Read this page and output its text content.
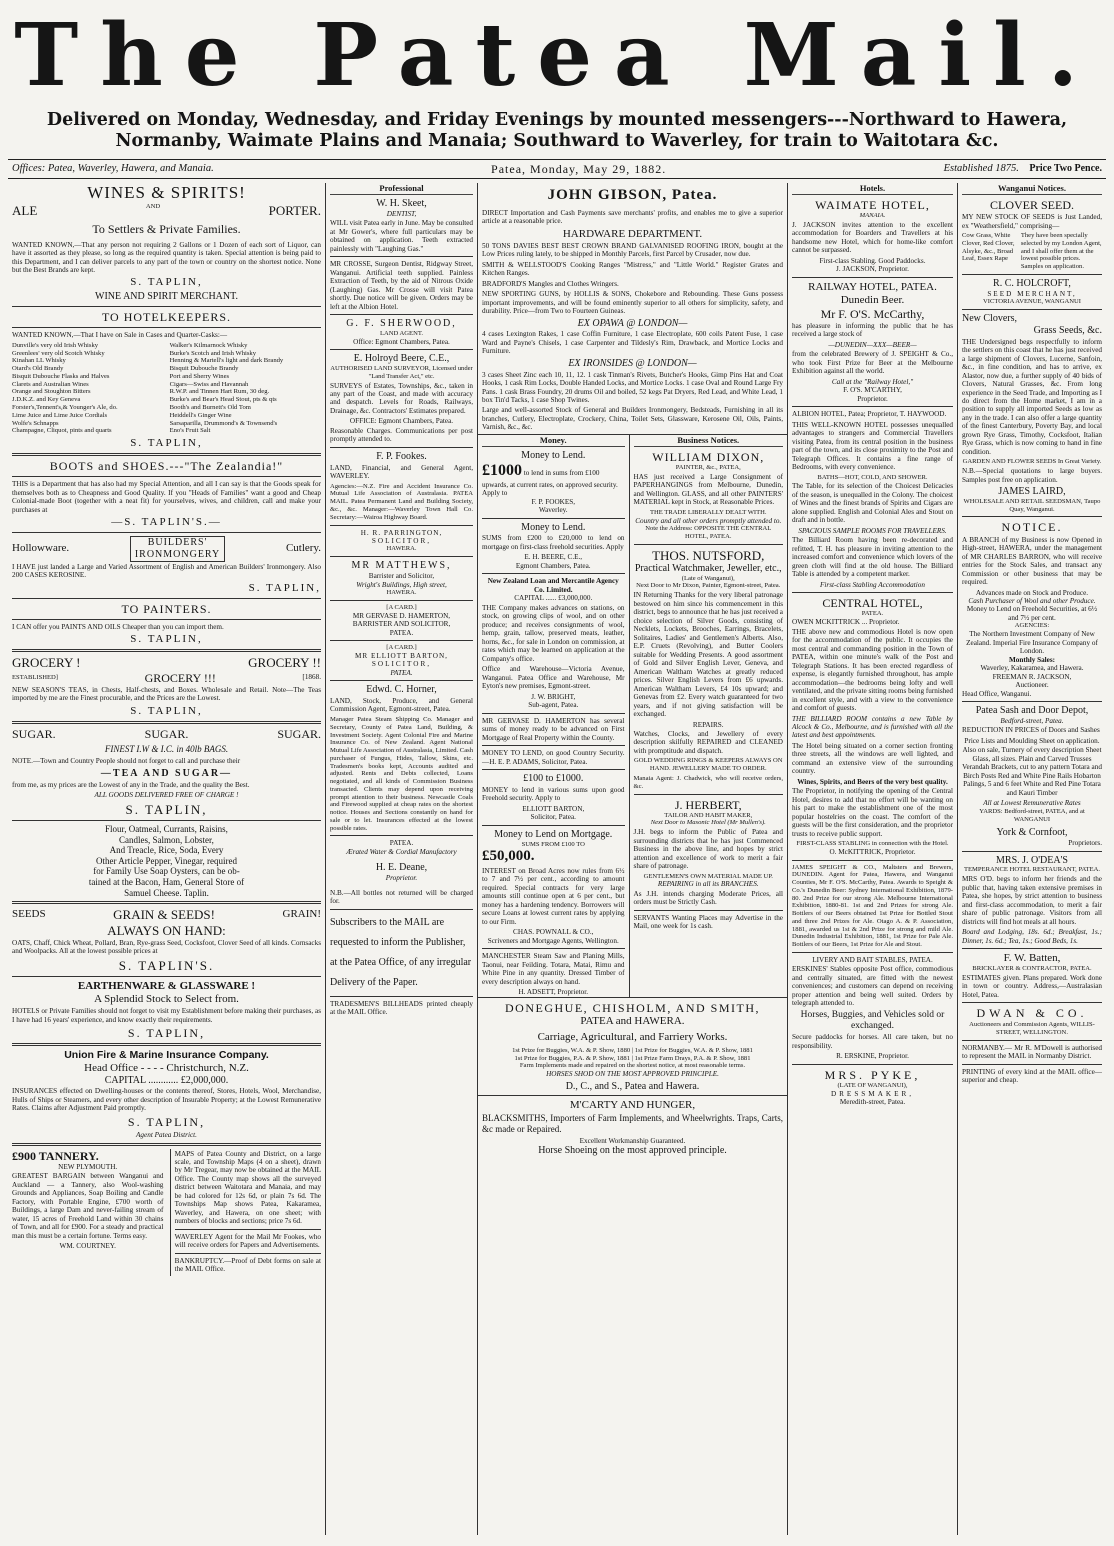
The Patea Mail.
Delivered on Monday, Wednesday, and Friday Evenings by mounted messengers---Northward to Hawera,
Normanby, Waimate Plains and Manaia; Southward to Waverley, for train to Waitotara &c.
Offices: Patea, Waverley, Hawera, and Manaia.	Patea, Monday, May 29, 1882.	Established 1875. Price Two Pence.
WINES & SPIRITS!
ALE	AND	PORTER.
To Settlers & Private Families.

WANTED KNOWN,—That any person not requiring 2 Gallons or 1 Dozen of each sort of Liquor, can have it assorted as they please, so long as the required quantity is taken. Special attention is being paid to this Department, and I can deliver parcels to any part of the town or country on the shortest notice. None but the Best Brands are kept.

S. TAPLIN,
WINE AND SPIRIT MERCHANT.
TO HOTELKEEPERS.

WANTED KNOWN,—That I have on Sale in Cases and Quarter-Casks:—

Dunville's very old Irish Whisky
Greenlees' very old Scotch Whisky
Kinahan LL Whisky
Otard's Old Brandy
Bisquit Dubouche Flasks and Halves
Clarets and Australian Wines
Orange and Stoughton Bitters
J.D.K.Z. and Key Geneva
Forster's,Tennent's,& Younger's Ale, do.
Lime Juice and Lime Juice Cordials
Wolfe's Schnapps
Champagne, Cliquot, pints and quarts
Walker's Kilmarnock Whisky
Burke's Scotch and Irish Whisky
Henning & Martell's light and dark Brandy
Bisquit Dubouche Brandy
Port and Sherry Wines
Cigars—Swiss and Havannah
R.W.P. and Tinnen Hart Rum, 30 deg.
Burke's and Bear's Head Stout, pts & qts
Booth's and Burnett's Old Tom
Heiddell's Ginger Wine
Sarsaparilla, Drummond's & Townsend's
Eno's Fruit Salt
S. TAPLIN,
BOOTS and SHOES.---"The Zealandia!"

THIS is a Department that has also had my Special Attention, and all I can say is that the Goods speak for themselves both as to Cheapness and Good Quality. If you "Heads of Families" want a good and Cheap Colonial-made Boot (together with a neat fit) for yourselves, wives, and children, call and make your purchases at

—S. TAPLIN'S.—
Hollowware.	BUILDERS'
IRONMONGERY	Cutlery.

I HAVE just landed a Large and Varied Assortment of English and American Builders' Ironmongery. Also 200 CASES KEROSINE.

S. TAPLIN,
TO PAINTERS.

I CAN offer you PAINTS AND OILS Cheaper than you can import them.

S. TAPLIN,
GROCERY !	GROCERY !!
ESTABLISHED]	GROCERY !!!	[1868.

NEW SEASON'S TEAS, in Chests, Half-chests, and Boxes. Wholesale and Retail. Note—The Teas imported by me are the Finest procurable, and the Prices are the Lowest.

S. TAPLIN,
SUGAR.	SUGAR.	SUGAR.
FINEST I.W & I.C. in 40lb BAGS.

NOTE.—Town and Country People should not forget to call and purchase their

—TEA AND SUGAR—

from me, as my prices are the Lowest of any in the Trade, and the quality the Best.

ALL GOODS DELIVERED FREE OF CHARGE !
S. TAPLIN,
Flour, Oatmeal, Currants, Raisins,
Candles, Salmon, Lobster,
And Treacle, Rice, Soda, Every
Other Article Pepper, Vinegar, required
for Family Use Soap Oysters, can be ob-
tained at the Bacon, Ham, General Store of
Samuel Cheese. Taplin.
SEEDS	GRAIN & SEEDS!	GRAIN!
ALWAYS ON HAND:

OATS, Chaff, Chick Wheat, Pollard, Bran, Rye-grass Seed, Cocksfoot, Clover Seed of all kinds. Cornsacks and Woolpacks. All at the lowest possible prices at

S. TAPLIN'S.
EARTHENWARE & GLASSWARE !
A Splendid Stock to Select from.

HOTELS or Private Families should not forget to visit my Establishment before making their purchases, as I have had 16 years' experience, and know exactly their requirements.

S. TAPLIN,
Union Fire & Marine Insurance Company.
Head Office - - - - Christchurch, N.Z.
CAPITAL ............ £2,000,000.

INSURANCES effected on Dwelling-houses or the contents thereof, Stores, Hotels, Wool, Merchandise, Hulls of Ships or Steamers, and every other description of Insurable Property; at the Lowest Remunerative Rates. Claims after Adjustment Paid promptly.

S. TAPLIN,
Agent Patea District.
£900 TANNERY.
NEW PLYMOUTH.

GREATEST BARGAIN between Wanganui and Auckland — a Tannery, also Wool-washing Grounds and Appliances, Soap Boiling and Candle Factory, with Portable Engine, £700 worth of Buildings, a large Dam and never-failing stream of water, 15 acres of Freehold Land within 30 chains of Town, and all for £900. For a steady and practical man this must be a certain fortune. Terms easy.

WM. COURTNEY.

MAPS of Patea County and District, on a large scale, and Township Maps (4 on a sheet), drawn by Mr Tregear, may now be obtained at the MAIL Office. The County map shows all the surveyed district between Waitotara and Manaia, and may be had colored for 12s 6d, or plain 7s 6d. The Townships Map shows Patea, Kakaramea, Waverley, and Hawera, on one sheet; with numbers of blocks and sections; price 7s 6d.

WAVERLEY Agent for the Mail Mr Fookes, who will receive orders for Papers and Advertisements.

BANKRUPTCY.—Proof of Debt forms on sale at the MAIL Office.

Professional
W. H. Skeet,
DENTIST,

WILL visit Patea early in June. May be consulted at Mr Gower's, where full particulars may be obtained on application. Teeth extracted painlessly with "Laughing Gas."

MR CROSSE, Surgeon Dentist, Ridgway Street, Wanganui. Artificial teeth supplied. Painless Extraction of Teeth, by the aid of Nitrous Oxide (Laughing) Gas. Mr Crosse will visit Patea shortly. Due notice will be given. Orders may be left at the Albion Hotel.

G. F. SHERWOOD,
LAND AGENT.
Office: Egmont Chambers, Patea.
E. Holroyd Beere, C.E.,
AUTHORISED LAND SURVEYOR, Licensed under "Land Transfer Act," etc.

SURVEYS of Estates, Townships, &c., taken in any part of the Coast, and made with accuracy and despatch. Levels for Roads, Railways, Drainage, &c. Contractors' Estimates prepared.

OFFICE: Egmont Chambers, Patea.

Reasonable Charges. Communications per post promptly attended to.

F. P. Fookes.

LAND, Financial, and General Agent, WAVERLEY.

Agencies:—N.Z. Fire and Accident Insurance Co. Mutual Life Association of Australasia. PATEA MAIL. Patea Permanent Land and Building Society, &c., &c. Manager:—Waverley Town Hall Co. Secretary:—Wairoa Highway Board.

H. R. PARRINGTON,
SOLICITOR,
HAWERA.
MR MATTHEWS,
Barrister and Solicitor,
Wright's Buildings, High street,
HAWERA.
[A CARD.]
MR GERVASE D. HAMERTON,
BARRISTER AND SOLICITOR,
PATEA.
[A CARD.]
MR ELLIOTT BARTON,
SOLICITOR,
PATEA.
Edwd. C. Horner,

LAND, Stock, Produce, and General Commission Agent, Egmont-street, Patea.

Manager Patea Steam Shipping Co. Manager and Secretary, County of Patea Land, Building, & Investment Society. Agent Colonial Fire and Marine Insurance Co. of New Zealand. Agent National Mutual Life Association of Australasia, Limited. Cash purchaser of Fungus, Hides, Tallow, Skins, etc. Tradesmen's books kept, Accounts audited and adjusted. Rents and Debts collected, Loans negotiated, and all kinds of Commission Business transacted. Clients may depend upon receiving prompt attention to their business. Newcastle Coals and Firewood supplied at cheap rates on the shortest notice. Houses and Sections constantly on hand for sale or to let. Insurances effected at the lowest possible rates.

PATEA.
Ærated Water & Cordial Manufactory
H. E. Deane,
Proprietor.

N.B.—All bottles not returned will be charged for.

Subscribers to the MAIL are requested to inform the Publisher, at the Patea Office, of any irregular Delivery of the Paper.

TRADESMEN'S BILLHEADS printed cheaply at the MAIL Office.

JOHN GIBSON, Patea.

DIRECT Importation and Cash Payments save merchants' profits, and enables me to give a superior article at a reasonable price.

HARDWARE DEPARTMENT.

50 TONS DAVIES BEST BEST CROWN BRAND GALVANISED ROOFING IRON, bought at the Low Prices ruling lately, to be shipped in Monthly Parcels, first Parcel by Crusader, now due.

SMITH & WELLSTOOD'S Cooking Ranges "Mistress," and "Little World." Register Grates and Kitchen Ranges.

BRADFORD'S Mangles and Clothes Wringers.

NEW SPORTING GUNS, by HOLLIS & SONS, Chokebore and Rebounding. These Guns possess important improvements, and will be found eminently superior to all others for simplicity, safety, and durability. Price—from Two to Fourteen Guineas.

EX OPAWA @ LONDON—

4 cases Lexington Rakes, 1 case Coffin Furniture, 1 case Electroplate, 600 coils Patent Fuse, 1 case Ward and Payne's Chisels, 1 case Carpenter and Tildesly's Rim, Drawback, and Mortice Locks and Furniture.

EX IRONSIDES @ LONDON—

3 cases Sheet Zinc each 10, 11, 12. 1 cask Tinman's Rivets, Butcher's Hooks, Gimp Pins Hat and Coat Hooks, 1 cask Rim Locks, Double Handed Locks, and Mortice Locks. 1 case Oval and Round Large Fry Pans. 1 cask Brass Foundry, 20 drums Oil and boiled, 52 kegs Pat Dryers, Red Lead, and White Lead, 1 box Tin'd Tacks, 1 case Shop Twines.

Large and well-assorted Stock of General and Builders Ironmongery, Bedsteads, Furnishing in all its branches, Cutlery, Electroplate, Crockery, China, Toilet Sets, Glassware, Kerosene Oil, Oils, Paints, Varnish, &c., &c.

Money.
Money to Lend.
£1000 to lend in sums from £100 upwards, at current rates, on approved security. Apply to
F. P. FOOKES,
Waverley.
Money to Lend.

SUMS from £200 to £20,000 to lend on mortgage on first-class freehold securities. Apply

E. H. BEERE, C.E.,
Egmont Chambers, Patea.
New Zealand Loan and Mercantile Agency Co. Limited.
CAPITAL ...... £3,000,000.

THE Company makes advances on stations, on stock, on growing clips of wool, and on other produce; and receives consignments of wool, hemp, grain, tallow, preserved meats, leather, horns, &c., for sale in London on commission, at rates which may be learned on application at the Company's office.

Office and Warehouse—Victoria Avenue, Wanganui. Patea Office and Warehouse, Mr Eyton's new premises, Egmont-street.

J. W. BRIGHT,
Sub-agent, Patea.

MR GERVASE D. HAMERTON has several sums of money ready to be advanced on First Mortgage of Real Property within the County.

MONEY TO LEND, on good Country Security.—H. E. P. ADAMS, Solicitor, Patea.

£100 to £1000.

MONEY to lend in various sums upon good Freehold security. Apply to

ELLIOTT BARTON,
Solicitor, Patea.
Money to Lend on Mortgage.
SUMS FROM £100 TO
£50,000.

INTEREST on Broad Acres now rules from 6½ to 7 and 7½ per cent., according to amount required. Special contracts for very large amounts still continue open at 6 per cent., but money has a hardening tendency. Borrowers will secure Loans at lowest current rates by applying to our Firm.

CHAS. POWNALL & CO.,
Scriveners and Mortgage Agents, Wellington.

MANCHESTER Steam Saw and Planing Mills, Taonui, near Feilding. Totara, Matai, Rimu and White Pine in any quantity. Dressed Timber of every description always on hand.

H. ADSETT, Proprietor.
Business Notices.
WILLIAM DIXON,
PAINTER, &c., PATEA,

HAS just received a Large Consignment of PAPERHANGINGS from Melbourne, Dunedin, and Wellington. GLASS, and all other PAINTERS' MATERIAL kept in Stock, at Reasonable Prices.

THE TRADE LIBERALLY DEALT WITH.
Country and all other orders promptly attended to.
Note the Address: OPPOSITE THE CENTRAL HOTEL, PATEA.
THOS. NUTSFORD,
Practical Watchmaker, Jeweller, etc.,
(Late of Wanganui),
Next Door to Mr Dixon, Painter, Egmont-street, Patea.

IN Returning Thanks for the very liberal patronage bestowed on him since his commencement in this district, begs to announce that he has just received a choice selection of Silver Goods, consisting of Necklets, Lockets, Brooches, Earrings, Bracelets, Solitaires, Ladies' and Gentlemen's Alberts. Also, E.P. Cruets (Revolving), and Butter Coolers suitable for Wedding Presents. A good assortment of Gold and Silver English Lever, Geneva, and American Waltham Watches at greatly reduced prices. Silver English Levers from £6 upwards. American Waltham Levers, £4 10s upward; and Genevas from £2. Every watch guaranteed for two years, and if not giving satisfaction will be exchanged.

REPAIRS.

Watches, Clocks, and Jewellery of every description skilfully REPAIRED and CLEANED with promptitude and dispatch.

GOLD WEDDING RINGS & KEEPERS ALWAYS ON HAND. JEWELLERY MADE TO ORDER.

Manaia Agent: J. Chadwick, who will receive orders, &c.

J. HERBERT,
TAILOR AND HABIT MAKER,
Next Door to Masonic Hotel (Mr Mullen's).

J.H. begs to inform the Public of Patea and surrounding districts that he has just Commenced Business in the above line, and hopes by strict attention and excellence of work to merit a fair share of patronage.

GENTLEMEN'S OWN MATERIAL MADE UP.
REPAIRING in all its BRANCHES.

As J.H. intends charging Moderate Prices, all orders must be Strictly Cash.

SERVANTS Wanting Places may Advertise in the Mail, one week for 1s cash.

DONEGHUE, CHISHOLM, AND SMITH,
PATEA and HAWERA.
Carriage, Agricultural, and Farriery Works.
1st Prize for Buggies, W.A. & P. Show, 1880 | 1st Prize for Buggies, W.A. & P. Show, 1881
1st Prize for Buggies, P.A. & P. Show, 1881 | 1st Prize Farm Drays, P.A. & P. Show, 1881
Farm Implements made and repaired on the shortest notice, at most reasonable terms.
HORSES SHOD ON THE MOST APPROVED PRINCIPLE.
D., C., and S., Patea and Hawera.
M'CARTY AND HUNGER,

BLACKSMITHS, Importers of Farm Implements, and Wheelwrights. Traps, Carts, &c made or Repaired.

Excellent Workmanship Guaranteed.
Horse Shoeing on the most approved principle.
Hotels.
WAIMATE HOTEL,
MANAIA.

J. JACKSON invites attention to the excellent accommodation for Boarders and Travellers at his handsome new Hotel, which for home-like comfort cannot be surpassed.

First-class Stabling. Good Paddocks.
J. JACKSON, Proprietor.
RAILWAY HOTEL, PATEA.
Dunedin Beer.
Mr F. O'S. McCarthy,

has pleasure in informing the public that he has received a large stock of

—DUNEDIN—XXX—BEER—

from the celebrated Brewery of J. SPEIGHT & Co., who took First Prize for Beer at the Melbourne Exhibition against all the world.

Call at the "Railway Hotel,"
F. O'S. M'CARTHY,
Proprietor.

ALBION HOTEL, Patea; Proprietor, T. HAYWOOD.

THIS WELL-KNOWN HOTEL possesses unequalled advantages to strangers and Commercial Travellers visiting Patea, from its central position in the business part of the town, and its close proximity to the Post and Telegraph Offices. It contains a fine range of Bedrooms, with every convenience.

BATHS—HOT, COLD, AND SHOWER.

The Table, for its selection of the Choicest Delicacies of the season, is unequalled in the Colony. The choicest of Wines and the finest brands of Spirits and Cigars are alone supplied. English and Colonial Ales and Stout on draft and in bottle.

SPACIOUS SAMPLE ROOMS FOR TRAVELLERS.

The Billiard Room having been re-decorated and refitted, T. H. has pleasure in inviting attention to the increased comfort and convenience which lovers of the green cloth will find at the old house. The Billiard Table is attended by a competent marker.

First-class Stabling Accommodation
CENTRAL HOTEL,
PATEA.
OWEN MCKITTRICK ... Proprietor.

THE above new and commodious Hotel is now open for the accommodation of the public. It occupies the most central and commanding position in the Town of PATEA, within one minute's walk of the Post and Telegraph Stations. It has been erected regardless of expense, is elegantly furnished throughout, has ample accommodation—the bedrooms being lofty and well ventilated, and the private sitting rooms being furnished in excellent style, and with a view to the convenience and comfort of guests.

THE BILLIARD ROOM contains a new Table by Alcock & Co., Melbourne, and is furnished with all the latest and best appointments.

The Hotel being situated on a corner section fronting three streets, all the windows are well lighted, and command an extensive view of the surrounding country.

Wines, Spirits, and Beers of the very best quality.

The Proprietor, in notifying the opening of the Central Hotel, desires to add that no effort will be wanting on his part to make the establishment one of the most popular hostelries on the coast. The comfort of the guests will be the first consideration, and the proprietor trusts to receive public support.

FIRST-CLASS STABLING in connection with the Hotel.
O. McKITTRICK, Proprietor.

JAMES SPEIGHT & CO., Maltsters and Brewers, DUNEDIN. Agent for Patea, Hawera, and Wanganui Counties, Mr F. O'S. McCarthy, Patea. Awards to Speight & Co.'s Dunedin Beer: Sydney International Exhibition, 1879-80. 2nd Prize for our strong Ale. Melbourne International Exhibition, 1880-81. 1st and 2nd Prizes for strong Ale. Bottlers of our Beers obtained 1st Prize for Bottled Stout and three 2nd Prizes for Ale. Otago A. & P. Association, 1881, awarded us 1st & 2nd Prize for strong and mild Ale. Dunedin Industrial Exhibition, 1881, 1st Prize for Pale Ale. Bottlers of our Beers, 1st Prize for Ale and Stout.

LIVERY AND BAIT STABLES, PATEA.

ERSKINES' Stables opposite Post office, commodious and centrally situated, are fitted with the newest conveniences; and customers can depend on receiving proper attention and being well suited. Orders by telegraph attended to.

Horses, Buggies, and Vehicles sold or exchanged.

Secure paddocks for horses. All care taken, but no responsibility.

R. ERSKINE, Proprietor.
MRS. PYKE,
(LATE OF WANGANUI),
DRESSMAKER,
Meredith-street, Patea.
Wanganui Notices.
CLOVER SEED.

MY NEW STOCK OF SEEDS is Just Landed, ex "Weathersfield," comprising—

Cow Grass, White Clover, Red Clover, Alsyke, &c., Broad Leaf, Essex Rape
They have been specially selected by my London Agent, and I shall offer them at the lowest possible prices. Samples on application.
R. C. HOLCROFT,
SEED MERCHANT,
VICTORIA AVENUE, WANGANUI
New Clovers,
Grass Seeds, &c.

THE Undersigned begs respectfully to inform the settlers on this coast that he has just received a large shipment of Clovers, Lucerne, Sanfoin, &c., in fine condition, and has to arrive, ex Alastor, now due, a further supply of 40 bids of Clovers, Natural Grasses, &c. From long experience in the Seed Trade, and Importing as I do direct from the Home market, I am in a position to supply all imported Seeds as low as any in the trade. I can also offer a large quantity of the finest Canterbury, Poverty Bay, and local grown Rye Grass, Timothy, Cocksfoot, Italian Rye Grass, which is now coming to hand in fine condition.

GARDEN AND FLOWER SEEDS In Great Variety.

N.B.—Special quotations to large buyers. Samples post free on application.

JAMES LAIRD,
WHOLESALE AND RETAIL SEEDSMAN, Taupo Quay, Wanganui.
NOTICE.

A BRANCH of my Business is now Opened in High-street, HAWERA, under the management of MR CHARLES BARRON, who will receive entries for the Stock Sales, and transact any Commission or other business that may be required.

Advances made on Stock and Produce.
Cash Purchaser of Wool and other Produce.
Money to Lend on Freehold Securities, at 6½ and 7½ per cent.
AGENCIES:
The Northern Investment Company of New Zealand. Imperial Fire Insurance Company of London.
Monthly Sales:
Waverley, Kakaramea, and Hawera.
FREEMAN R. JACKSON,
Auctioneer.
Head Office, Wanganui.
Patea Sash and Door Depot,
Bedford-street, Patea.

REDUCTION IN PRICES of Doors and Sashes

Price Lists and Moulding Sheet on application.

Also on sale, Turnery of every description Sheet Glass, all sizes. Plain and Carved Trusses Verandah Brackets, cut to any pattern Totara and Birch Posts Red and White Pine Rails Hobarton Palings, 5 and 6 feet White and Red Pine Totara and Kauri Timber

All at Lowest Remunerative Rates
YARDS: Bedford-street, PATEA, and at WANGANUI
York & Cornfoot,
Proprietors.
MRS. J. O'DEA'S
TEMPERANCE HOTEL RESTAURANT, PATEA.

MRS O'D. begs to inform her friends and the public that, having taken extensive premises in Patea, she hopes, by strict attention to business and first-class accommodation, to merit a fair share of public patronage. Visitors from all districts will find hot meals at all hours.

Board and Lodging, 18s. 6d.; Breakfast, 1s.; Dinner, 1s. 6d.; Tea, 1s.; Good Beds, 1s.

F. W. Batten,
BRICKLAYER & CONTRACTOR, PATEA.

ESTIMATES given. Plans prepared. Work done in town or country. Address,—Australasian Hotel, Patea.

DWAN & CO.

Auctioneers and Commission Agents, WILLIS-STREET, WELLINGTON.

NORMANBY.— Mr R. M'Dowell is authorised to represent the MAIL in Normanby District.

PRINTING of every kind at the MAIL office—superior and cheap.
